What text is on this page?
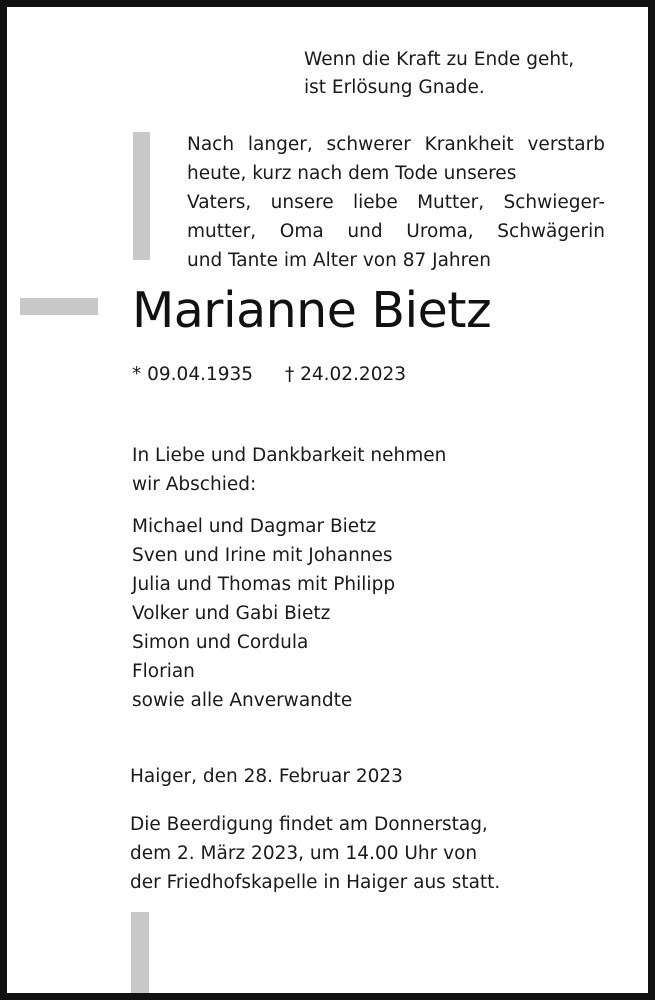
Wenn die Kraft zu Ende geht,
ist Erlösung Gnade.
Nach langer, schwerer Krankheit verstarb
heute, kurz nach dem Tode unseres
Vaters, unsere liebe Mutter, Schwieger-
mutter, Oma und Uroma, Schwägerin
und Tante im Alter von 87 Jahren
Marianne Bietz
* 09.04.1935 † 24.02.2023
In Liebe und Dankbarkeit nehmen
wir Abschied:
Michael und Dagmar Bietz
Sven und Irine mit Johannes
Julia und Thomas mit Philipp
Volker und Gabi Bietz
Simon und Cordula
Florian
sowie alle Anverwandte
Haiger, den 28. Februar 2023
Die Beerdigung findet am Donnerstag,
dem 2. März 2023, um 14.00 Uhr von
der Friedhofskapelle in Haiger aus statt.
